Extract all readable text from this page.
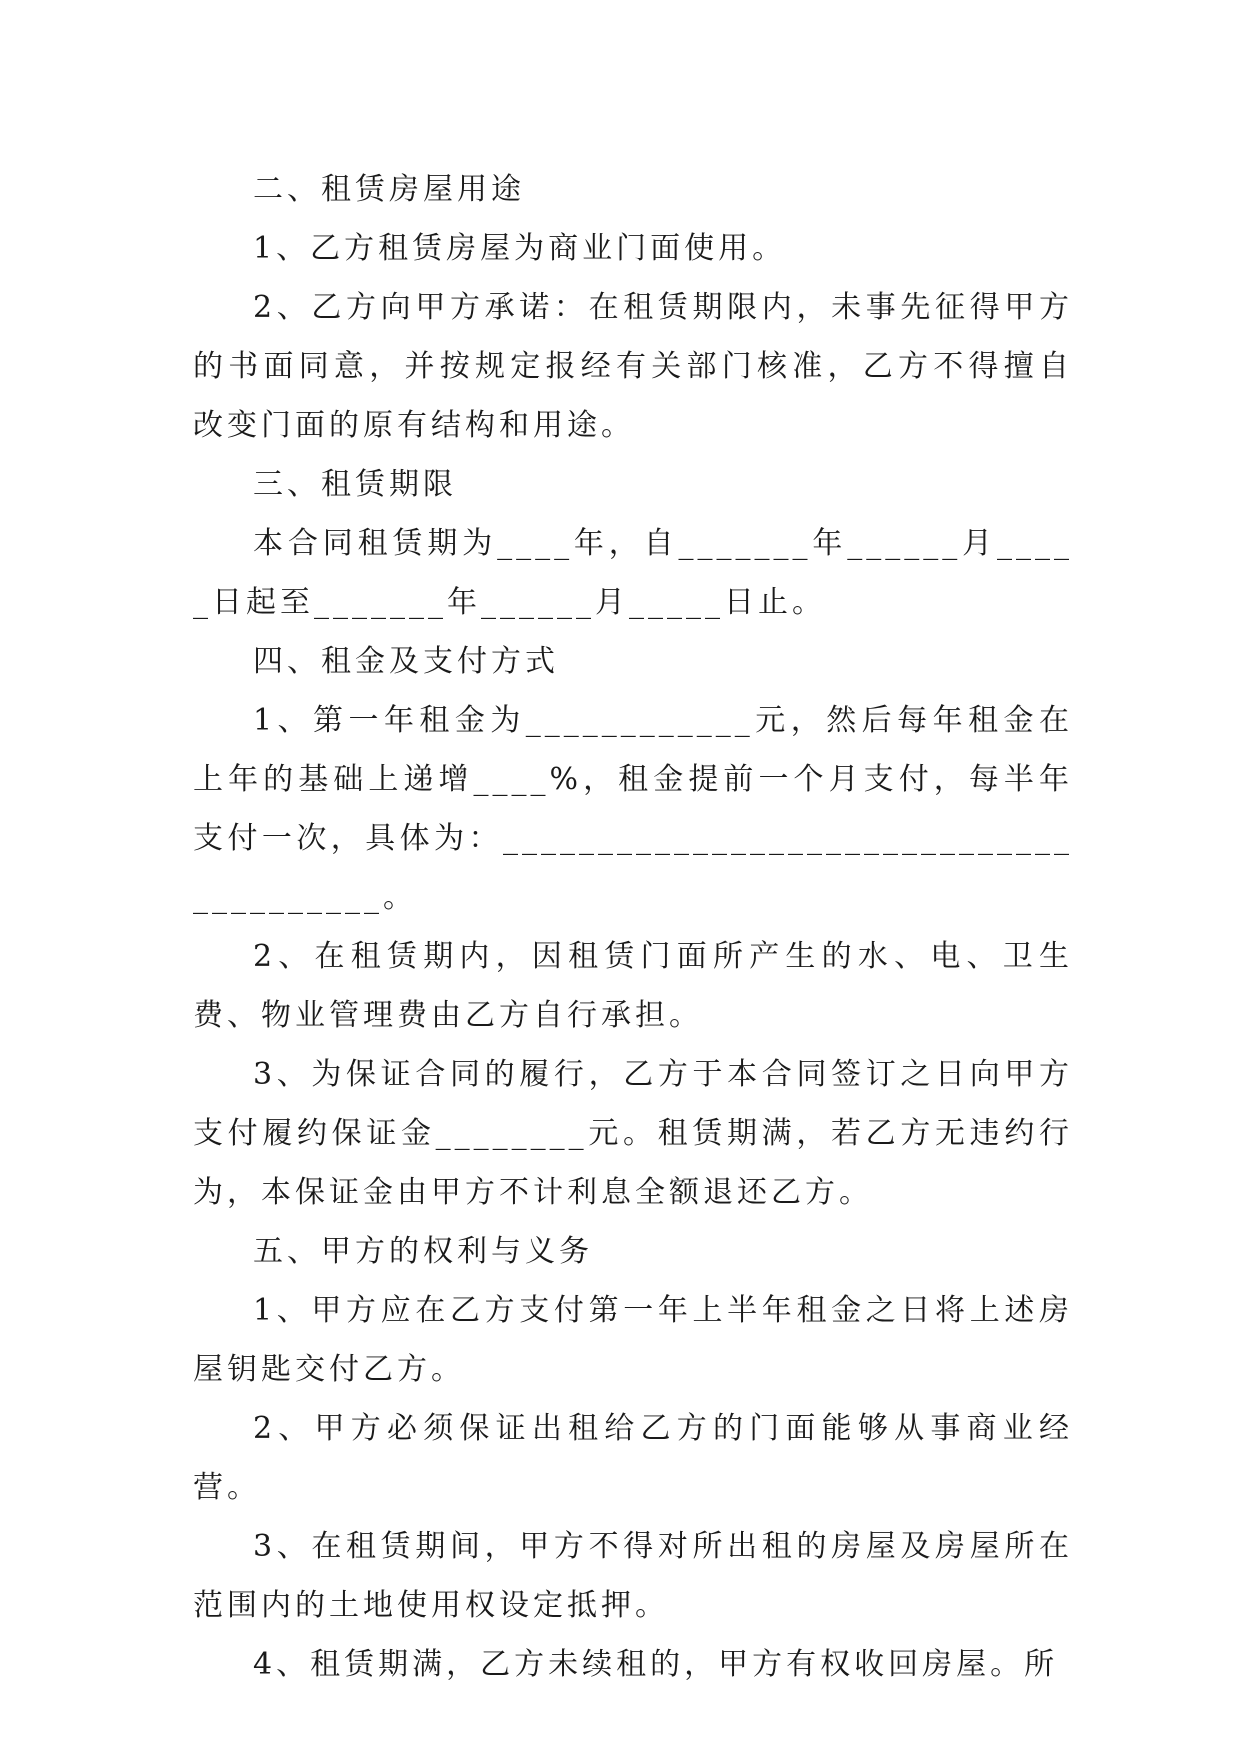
二、租赁房屋用途

1、乙方租赁房屋为商业门面使用。

2、乙方向甲方承诺：在租赁期限内，未事先征得甲方的书面同意，并按规定报经有关部门核准，乙方不得擅自改变门面的原有结构和用途。

三、租赁期限

本合同租赁期为____年，自_______年______月_____日起至_______年______月_____日止。

四、租金及支付方式

1、第一年租金为____________元，然后每年租金在上年的基础上递增____%，租金提前一个月支付，每半年支付一次，具体为：________________________________________。

2、在租赁期内，因租赁门面所产生的水、电、卫生费、物业管理费由乙方自行承担。

3、为保证合同的履行，乙方于本合同签订之日向甲方支付履约保证金________元。租赁期满，若乙方无违约行为，本保证金由甲方不计利息全额退还乙方。

五、甲方的权利与义务

1、甲方应在乙方支付第一年上半年租金之日将上述房屋钥匙交付乙方。

2、甲方必须保证出租给乙方的门面能够从事商业经营。

3、在租赁期间，甲方不得对所出租的房屋及房屋所在范围内的土地使用权设定抵押。

4、租赁期满，乙方未续租的，甲方有权收回房屋。所
